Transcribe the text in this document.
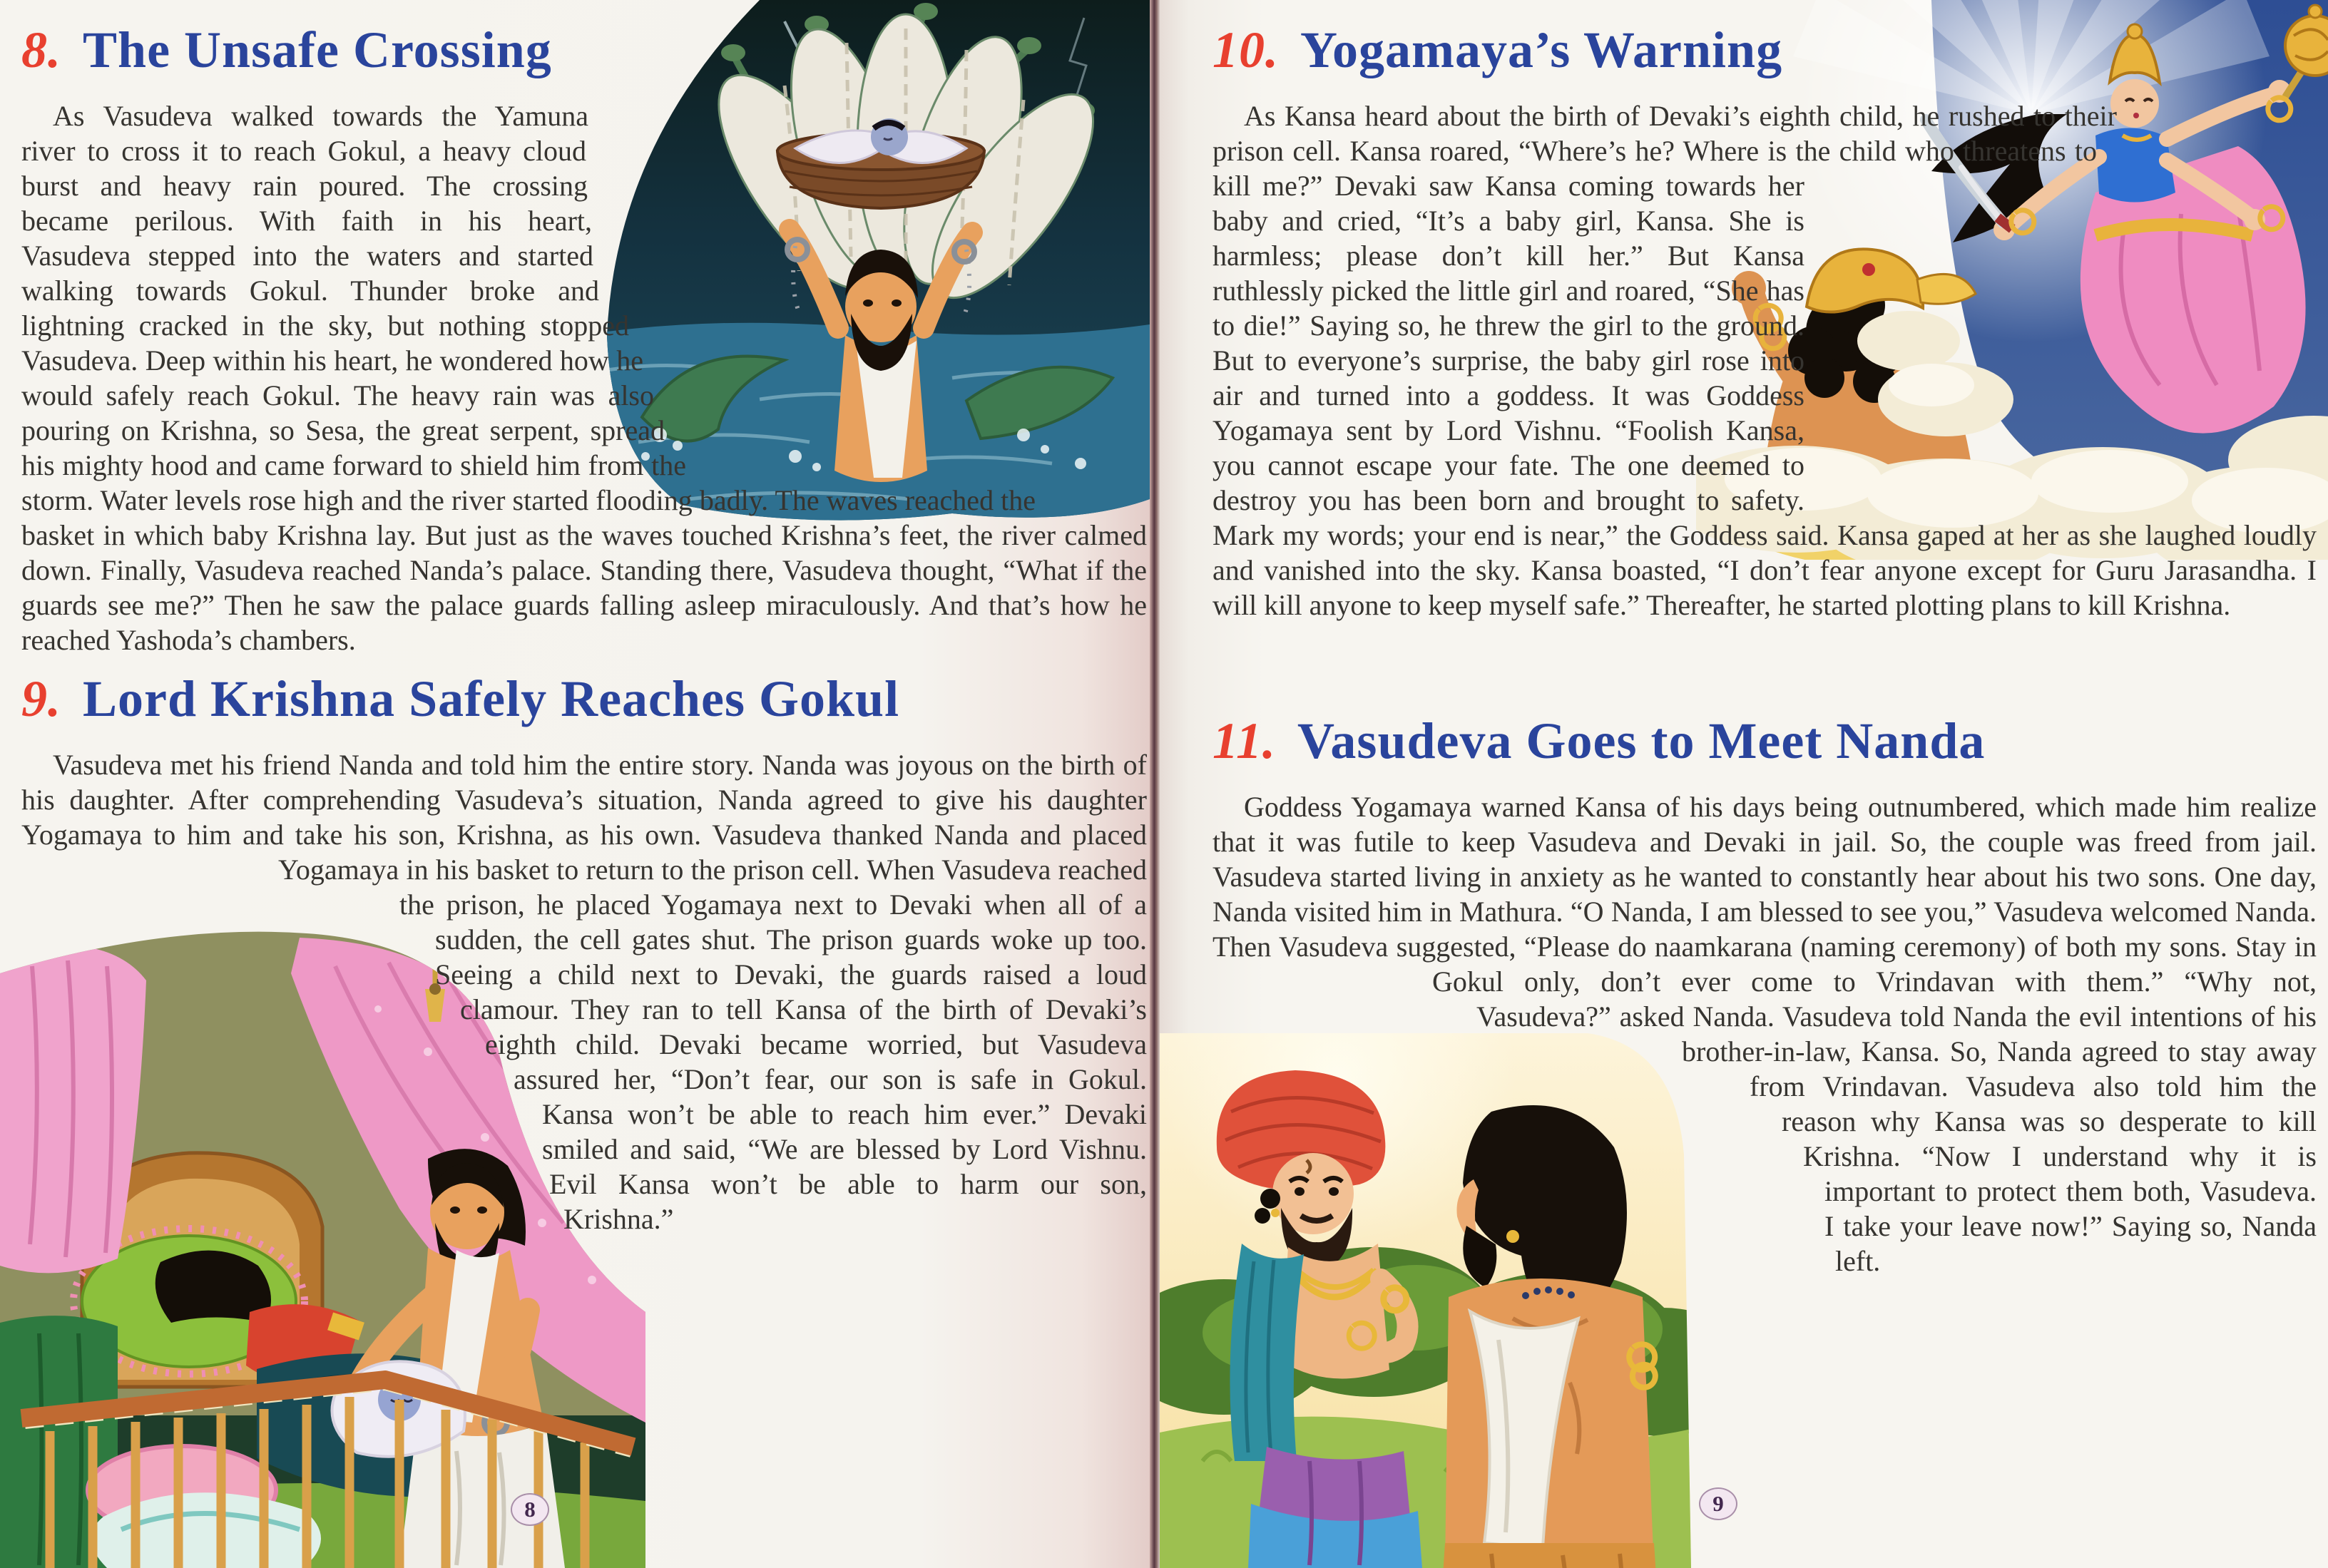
8. The Unsafe Crossing

As Vasudeva walked towards the Yamuna river to cross it to reach Gokul, a heavy cloud burst and heavy rain poured. The crossing became perilous. With faith in his heart, Vasudeva stepped into the waters and started walking towards Gokul. Thunder broke and lightning cracked in the sky, but nothing stopped Vasudeva. Deep within his heart, he wondered how he would safely reach Gokul. The heavy rain was also pouring on Krishna, so Sesa, the great serpent, spread his mighty hood and came forward to shield him from the storm. Water levels rose high and the river started flooding badly. The waves reached the basket in which baby Krishna lay. But just as the waves touched Krishna’s feet, the river calmed down. Finally, Vasudeva reached Nanda’s palace. Standing there, Vasudeva thought, “What if the guards see me?” Then he saw the palace guards falling asleep miraculously. And that’s how he reached Yashoda’s chambers.

9. Lord Krishna Safely Reaches Gokul

Vasudeva met his friend Nanda and told him the entire story. Nanda was joyous on the birth of his daughter. After comprehending Vasudeva’s situation, Nanda agreed to give his daughter Yogamaya to him and take his son, Krishna, as his own. Vasudeva thanked Nanda and placed Yogamaya in his basket to return to the prison cell. When Vasudeva reached the prison, he placed Yogamaya next to Devaki when all of a sudden, the cell gates shut. The prison guards woke up too. Seeing a child next to Devaki, the guards raised a loud clamour. They ran to tell Kansa of the birth of Devaki’s eighth child. Devaki became worried, but Vasudeva assured her, “Don’t fear, our son is safe in Gokul. Kansa won’t be able to reach him ever.” Devaki smiled and said, “We are blessed by Lord Vishnu. Evil Kansa won’t be able to harm our son, Krishna.”

8
10. Yogamaya’s Warning

As Kansa heard about the birth of Devaki’s eighth child, he rushed to their prison cell. Kansa roared, “Where’s he? Where is the child who threatens to kill me?” Devaki saw Kansa coming towards her baby and cried, “It’s a baby girl, Kansa. She is harmless; please don’t kill her.” But Kansa ruthlessly picked the little girl and roared, “She has to die!” Saying so, he threw the girl to the ground. But to everyone’s surprise, the baby girl rose into air and turned into a goddess. It was Goddess Yogamaya sent by Lord Vishnu. “Foolish Kansa, you cannot escape your fate. The one deemed to destroy you has been born and brought to safety. Mark my words; your end is near,” the Goddess said. Kansa gaped at her as she laughed loudly and vanished into the sky. Kansa boasted, “I don’t fear anyone except for Guru Jarasandha. I will kill anyone to keep myself safe.” Thereafter, he started plotting plans to kill Krishna.

11. Vasudeva Goes to Meet Nanda

Goddess Yogamaya warned Kansa of his days being outnumbered, which made him realize that it was futile to keep Vasudeva and Devaki in jail. So, the couple was freed from jail. Vasudeva started living in anxiety as he wanted to constantly hear about his two sons. One day, Nanda visited him in Mathura. “O Nanda, I am blessed to see you,” Vasudeva welcomed Nanda. Then Vasudeva suggested, “Please do naamkarana (naming ceremony) of both my sons. Stay in Gokul only, don’t ever come to Vrindavan with them.” “Why not, Vasudeva?” asked Nanda. Vasudeva told Nanda the evil intentions of his brother-in-law, Kansa. So, Nanda agreed to stay away from Vrindavan. Vasudeva also told him the reason why Kansa was so desperate to kill Krishna. “Now I understand why it is important to protect them both, Vasudeva. I take your leave now!” Saying so, Nanda left.

9
